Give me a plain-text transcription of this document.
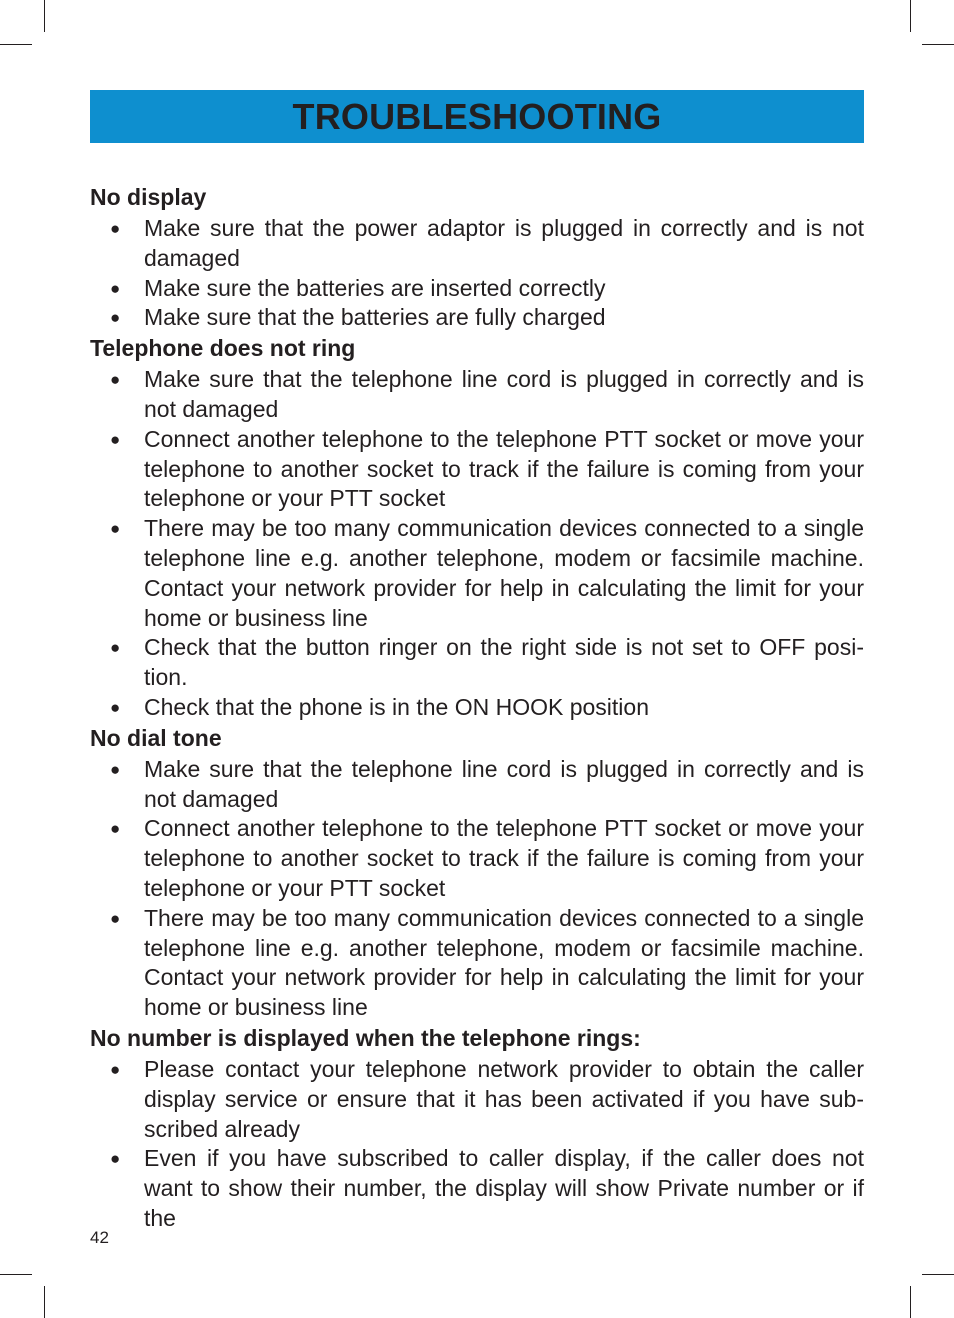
TROUBLESHOOTING
No display
● Make sure that the power adaptor is plugged in correctly and is not damaged
● Make sure the batteries are inserted correctly
● Make sure that the batteries are fully charged
Telephone does not ring
● Make sure that the telephone line cord is plugged in correctly and is not damaged
● Connect another telephone to the telephone PTT socket or move your telephone to another socket to track if the failure is coming from your telephone or your PTT socket
● There may be too many communication devices connected to a single telephone line e.g. another telephone, modem or facsimile machine. Contact your network provider for help in calculating the limit for your home or business line
● Check that the button ringer on the right side is not set to OFF position.
● Check that the phone is in the ON HOOK position
No dial tone
● Make sure that the telephone line cord is plugged in correctly and is not damaged
● Connect another telephone to the telephone PTT socket or move your telephone to another socket to track if the failure is coming from your telephone or your PTT socket
● There may be too many communication devices connected to a single telephone line e.g. another telephone, modem or facsimile machine. Contact your network provider for help in calculating the limit for your home or business line
No number is displayed when the telephone rings:
● Please contact your telephone network provider to obtain the caller display service or ensure that it has been activated if you have subscribed already
● Even if you have subscribed to caller display, if the caller does not want to show their number, the display will show Private number or if the
42
